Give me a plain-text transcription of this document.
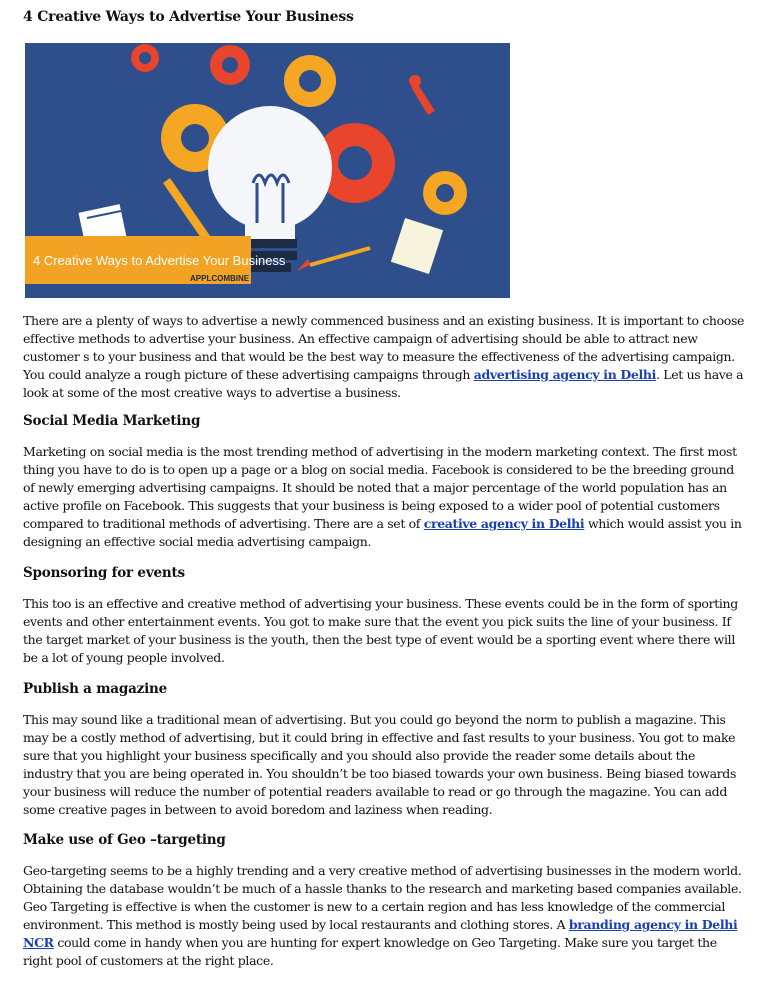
4 Creative Ways to Advertise Your Business
4 Creative Ways to Advertise Your Business
APPLCOMBINE
There are a plenty of ways to advertise a newly commenced business and an existing business. It is important to choose effective methods to advertise your business. An effective campaign of advertising should be able to attract new customer s to your business and that would be the best way to measure the effectiveness of the advertising campaign. You could analyze a rough picture of these advertising campaigns through advertising agency in Delhi. Let us have a look at some of the most creative ways to advertise a business.
Social Media Marketing
Marketing on social media is the most trending method of advertising in the modern marketing context. The first most thing you have to do is to open up a page or a blog on social media. Facebook is considered to be the breeding ground of newly emerging advertising campaigns. It should be noted that a major percentage of the world population has an active profile on Facebook. This suggests that your business is being exposed to a wider pool of potential customers compared to traditional methods of advertising. There are a set of creative agency in Delhi which would assist you in designing an effective social media advertising campaign.
Sponsoring for events
This too is an effective and creative method of advertising your business. These events could be in the form of sporting events and other entertainment events. You got to make sure that the event you pick suits the line of your business. If the target market of your business is the youth, then the best type of event would be a sporting event where there will be a lot of young people involved.
Publish a magazine
This may sound like a traditional mean of advertising. But you could go beyond the norm to publish a magazine. This may be a costly method of advertising, but it could bring in effective and fast results to your business. You got to make sure that you highlight your business specifically and you should also provide the reader some details about the industry that you are being operated in. You shouldn’t be too biased towards your own business. Being biased towards your business will reduce the number of potential readers available to read or go through the magazine. You can add some creative pages in between to avoid boredom and laziness when reading.
Make use of Geo –targeting
Geo-targeting seems to be a highly trending and a very creative method of advertising businesses in the modern world. Obtaining the database wouldn’t be much of a hassle thanks to the research and marketing based companies available. Geo Targeting is effective is when the customer is new to a certain region and has less knowledge of the commercial environment. This method is mostly being used by local restaurants and clothing stores. A branding agency in Delhi NCR could come in handy when you are hunting for expert knowledge on Geo Targeting. Make sure you target the right pool of customers at the right place.
